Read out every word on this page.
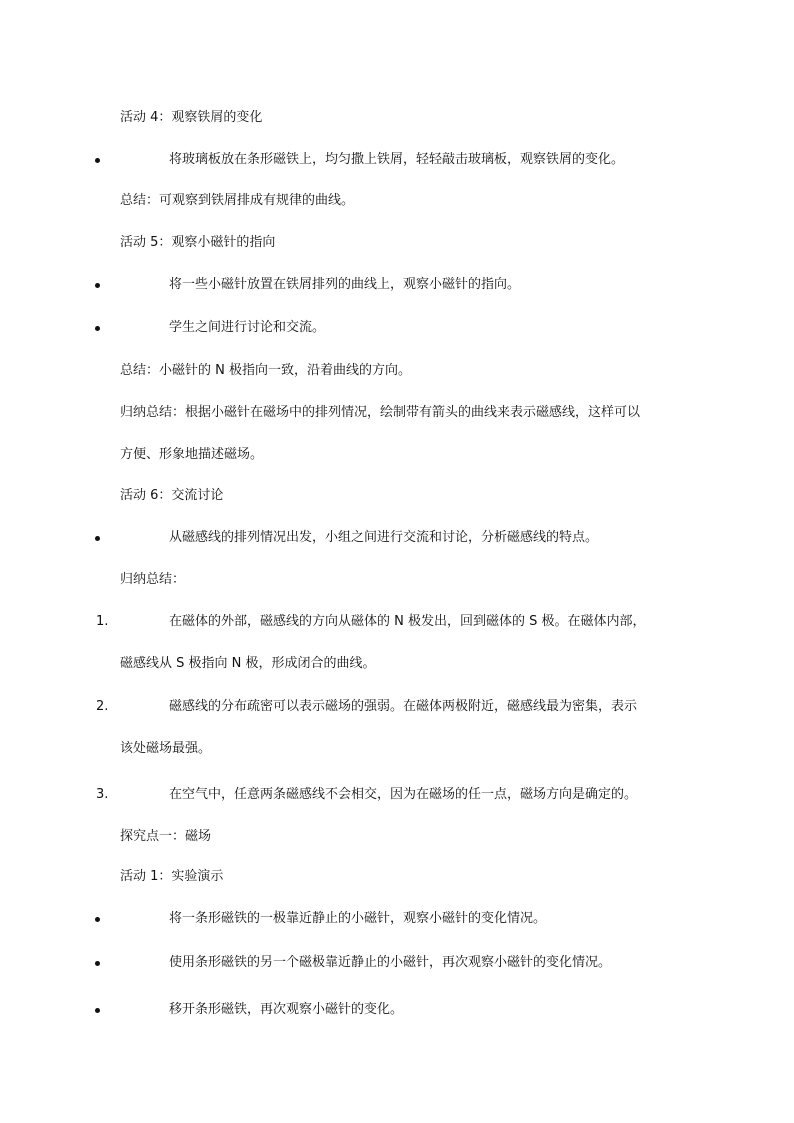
活动 4：观察铁屑的变化

将玻璃板放在条形磁铁上，均匀撒上铁屑，轻轻敲击玻璃板，观察铁屑的变化。

总结：可观察到铁屑排成有规律的曲线。

活动 5：观察小磁针的指向

将一些小磁针放置在铁屑排列的曲线上，观察小磁针的指向。

学生之间进行讨论和交流。

总结：小磁针的 N 极指向一致，沿着曲线的方向。

归纳总结：根据小磁针在磁场中的排列情况，绘制带有箭头的曲线来表示磁感线，这样可以

方便、形象地描述磁场。

活动 6：交流讨论

从磁感线的排列情况出发，小组之间进行交流和讨论，分析磁感线的特点。

归纳总结：

1.	在磁体的外部，磁感线的方向从磁体的 N 极发出，回到磁体的 S 极。在磁体内部，

磁感线从 S 极指向 N 极，形成闭合的曲线。

2.	磁感线的分布疏密可以表示磁场的强弱。在磁体两极附近，磁感线最为密集，表示

该处磁场最强。

3.	在空气中，任意两条磁感线不会相交，因为在磁场的任一点，磁场方向是确定的。

探究点一：磁场

活动 1：实验演示

将一条形磁铁的一极靠近静止的小磁针，观察小磁针的变化情况。

使用条形磁铁的另一个磁极靠近静止的小磁针，再次观察小磁针的变化情况。

移开条形磁铁，再次观察小磁针的变化。
